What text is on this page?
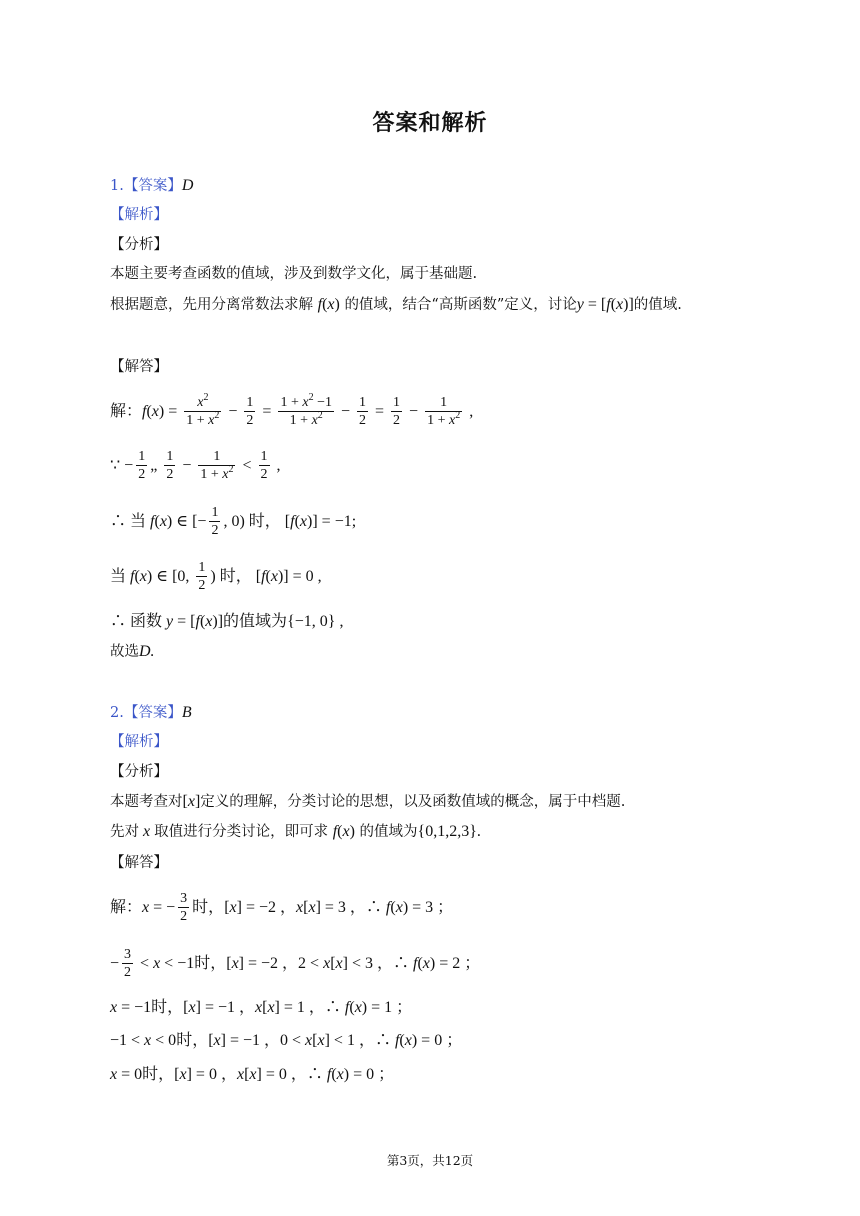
答案和解析
1.【答案】D
【解析】
【分析】
本题主要考查函数的值域，涉及到数学文化，属于基础题.
根据题意，先用分离常数法求解 f(x) 的值域，结合“高斯函数”定义，讨论y = [f(x)]的值域.
【解答】
解：$f(x) = \frac{x^2}{1 + x^2} - \frac{1}{2} = \frac{1 + x^2 -1}{1 + x^2} - \frac{1}{2} = \frac{1}{2} - \frac{1}{1 + x^2}$ ,
∵ − $\frac{1}{2}$ „ $\frac{1}{2} - \frac{1}{1 + x^2} < \frac{1}{2}$ ,
∴ 当 f(x) ∈ [− $\frac{1}{2}$ , 0) 时， [f(x)] = −1;
当 f(x) ∈ [0, $\frac{1}{2}$ ) 时， [f(x)] = 0 ,
∴ 函数 y = [f(x)]的值域为{−1, 0} ,
故选D.
2.【答案】B
【解析】
【分析】
本题考查对[x]定义的理解，分类讨论的思想，以及函数值域的概念，属于中档题.
先对 x 取值进行分类讨论，即可求 f(x) 的值域为{0,1,2,3}.
【解答】
解：x = − $\frac{3}{2}$ 时，[x] = −2 ，x[x] = 3 ，∴ f(x) = 3 ；
− $\frac{3}{2} < x < -1$时，[x] = −2 ，2 < x[x] < 3 ，∴ f(x) = 2 ；
x = −1时，[x] = −1 ，x[x] = 1 ，∴ f(x) = 1 ；
−1 < x < 0时，[x] = −1 ，0 < x[x] < 1 ，∴ f(x) = 0 ；
x = 0时，[x] = 0 ，x[x] = 0 ，∴ f(x) = 0 ；
第3页，共12页
